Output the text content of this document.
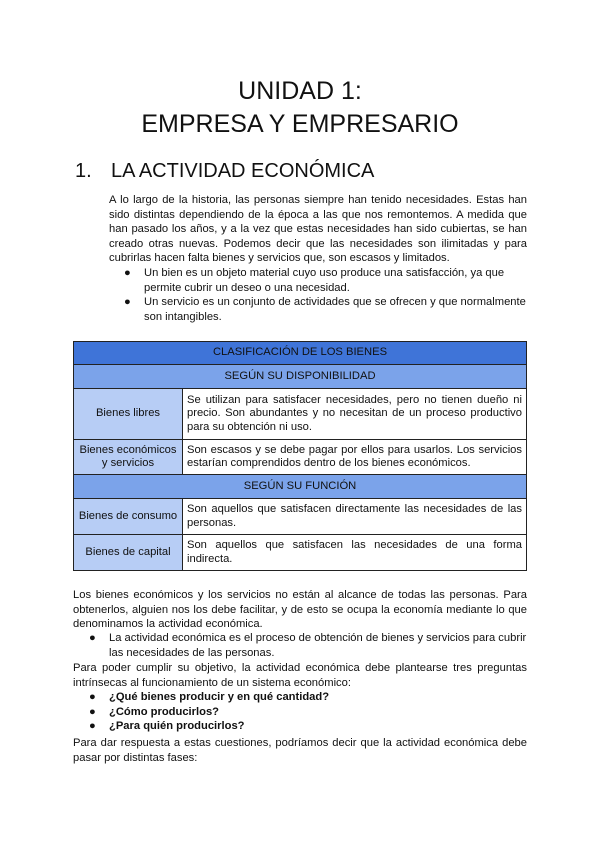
UNIDAD 1:
EMPRESA Y EMPRESARIO
1. LA ACTIVIDAD ECONÓMICA

A lo largo de la historia, las personas siempre han tenido necesidades. Estas han sido distintas dependiendo de la época a las que nos remontemos. A medida que han pasado los años, y a la vez que estas necesidades han sido cubiertas, se han creado otras nuevas. Podemos decir que las necesidades son ilimitadas y para cubrirlas hacen falta bienes y servicios que, son escasos y limitados.

● Un bien es un objeto material cuyo uso produce una satisfacción, ya que permite cubrir un deseo o una necesidad.
● Un servicio es un conjunto de actividades que se ofrecen y que normalmente son intangibles.
CLASIFICACIÓN DE LOS BIENES	
SEGÚN SU DISPONIBILIDAD	
Bienes libres	Se utilizan para satisfacer necesidades, pero no tienen dueño ni precio. Son abundantes y no necesitan de un proceso productivo para su obtención ni uso.
Bienes económicos y servicios	Son escasos y se debe pagar por ellos para usarlos. Los servicios estarían comprendidos dentro de los bienes económicos.
SEGÚN SU FUNCIÓN	
Bienes de consumo	Son aquellos que satisfacen directamente las necesidades de las personas.
Bienes de capital	Son aquellos que satisfacen las necesidades de una forma indirecta.

Los bienes económicos y los servicios no están al alcance de todas las personas. Para obtenerlos, alguien nos los debe facilitar, y de esto se ocupa la economía mediante lo que denominamos la actividad económica.

● La actividad económica es el proceso de obtención de bienes y servicios para cubrir las necesidades de las personas.

Para poder cumplir su objetivo, la actividad económica debe plantearse tres preguntas intrínsecas al funcionamiento de un sistema económico:

● ¿Qué bienes producir y en qué cantidad?
● ¿Cómo producirlos?
● ¿Para quién producirlos?

Para dar respuesta a estas cuestiones, podríamos decir que la actividad económica debe pasar por distintas fases:
